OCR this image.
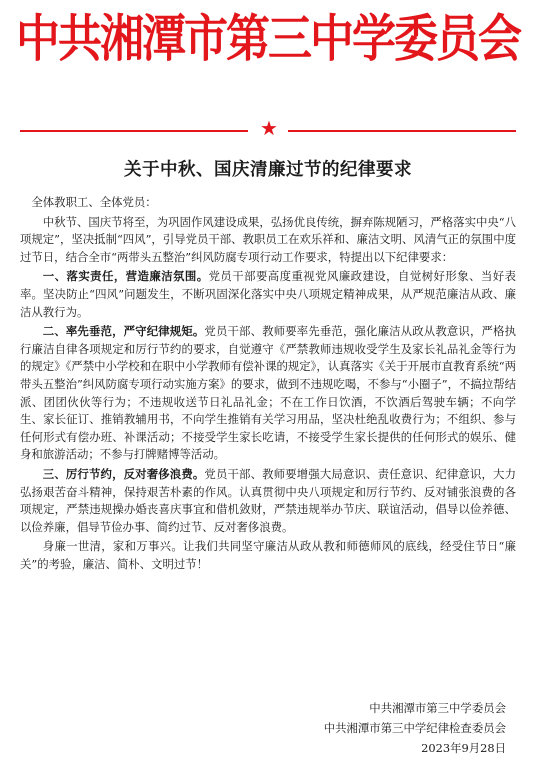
中共湘潭市第三中学委员会
★
关于中秋、国庆清廉过节的纪律要求

全体教职工、全体党员：

中秋节、国庆节将至，为巩固作风建设成果，弘扬优良传统，摒弃陈规陋习，严格落实中央“八项规定”，坚决抵制“四风”，引导党员干部、教职员工在欢乐祥和、廉洁文明、风清气正的氛围中度过节日，结合全市“两带头五整治”纠风防腐专项行动工作要求，特提出以下纪律要求：

一、落实责任，营造廉洁氛围。党员干部要高度重视党风廉政建设，自觉树好形象、当好表率。坚决防止“四风”问题发生，不断巩固深化落实中央八项规定精神成果，从严规范廉洁从政、廉洁从教行为。

二、率先垂范，严守纪律规矩。党员干部、教师要率先垂范，强化廉洁从政从教意识，严格执行廉洁自律各项规定和厉行节约的要求，自觉遵守《严禁教师违规收受学生及家长礼品礼金等行为的规定》《严禁中小学校和在职中小学教师有偿补课的规定》，认真落实《关于开展市直教育系统“两带头五整治”纠风防腐专项行动实施方案》的要求，做到不违规吃喝，不参与“小圈子”，不搞拉帮结派、团团伙伙等行为；不违规收送节日礼品礼金；不在工作日饮酒，不饮酒后驾驶车辆；不向学生、家长征订、推销教辅用书，不向学生推销有关学习用品，坚决杜绝乱收费行为；不组织、参与任何形式有偿办班、补课活动；不接受学生家长吃请，不接受学生家长提供的任何形式的娱乐、健身和旅游活动；不参与打牌赌博等活动。

三、厉行节约，反对奢侈浪费。党员干部、教师要增强大局意识、责任意识、纪律意识，大力弘扬艰苦奋斗精神，保持艰苦朴素的作风。认真贯彻中央八项规定和厉行节约、反对铺张浪费的各项规定，严禁违规操办婚丧喜庆事宜和借机敛财，严禁违规举办节庆、联谊活动，倡导以俭养德、以俭养廉，倡导节俭办事、简约过节、反对奢侈浪费。

身廉一世清，家和万事兴。让我们共同坚守廉洁从政从教和师德师风的底线，经受住节日“廉关”的考验，廉洁、简朴、文明过节！

中共湘潭市第三中学委员会
中共湘潭市第三中学纪律检查委员会
2023年9月28日
